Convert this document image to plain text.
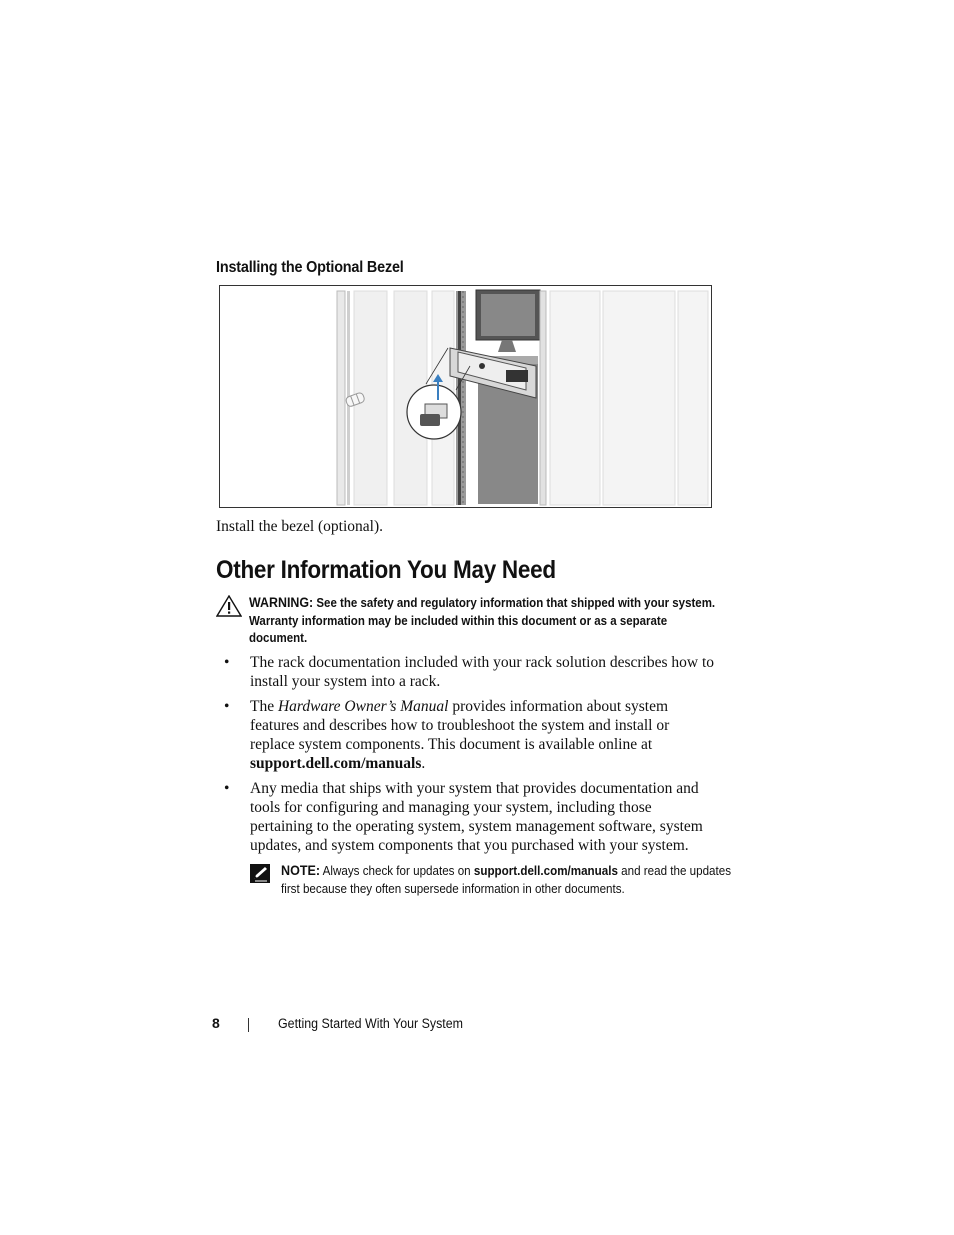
Installing the Optional Bezel
Install the bezel (optional).
Other Information You May Need
WARNING: See the safety and regulatory information that shipped with your system. Warranty information may be included within this document or as a separate document.
• The rack documentation included with your rack solution describes how to install your system into a rack.
• The Hardware Owner’s Manual provides information about system features and describes how to troubleshoot the system and install or replace system components. This document is available online at support.dell.com/manuals.
• Any media that ships with your system that provides documentation and tools for configuring and managing your system, including those pertaining to the operating system, system management software, system updates, and system components that you purchased with your system.
NOTE: Always check for updates on support.dell.com/manuals and read the updates first because they often supersede information in other documents.
8	Getting Started With Your System
